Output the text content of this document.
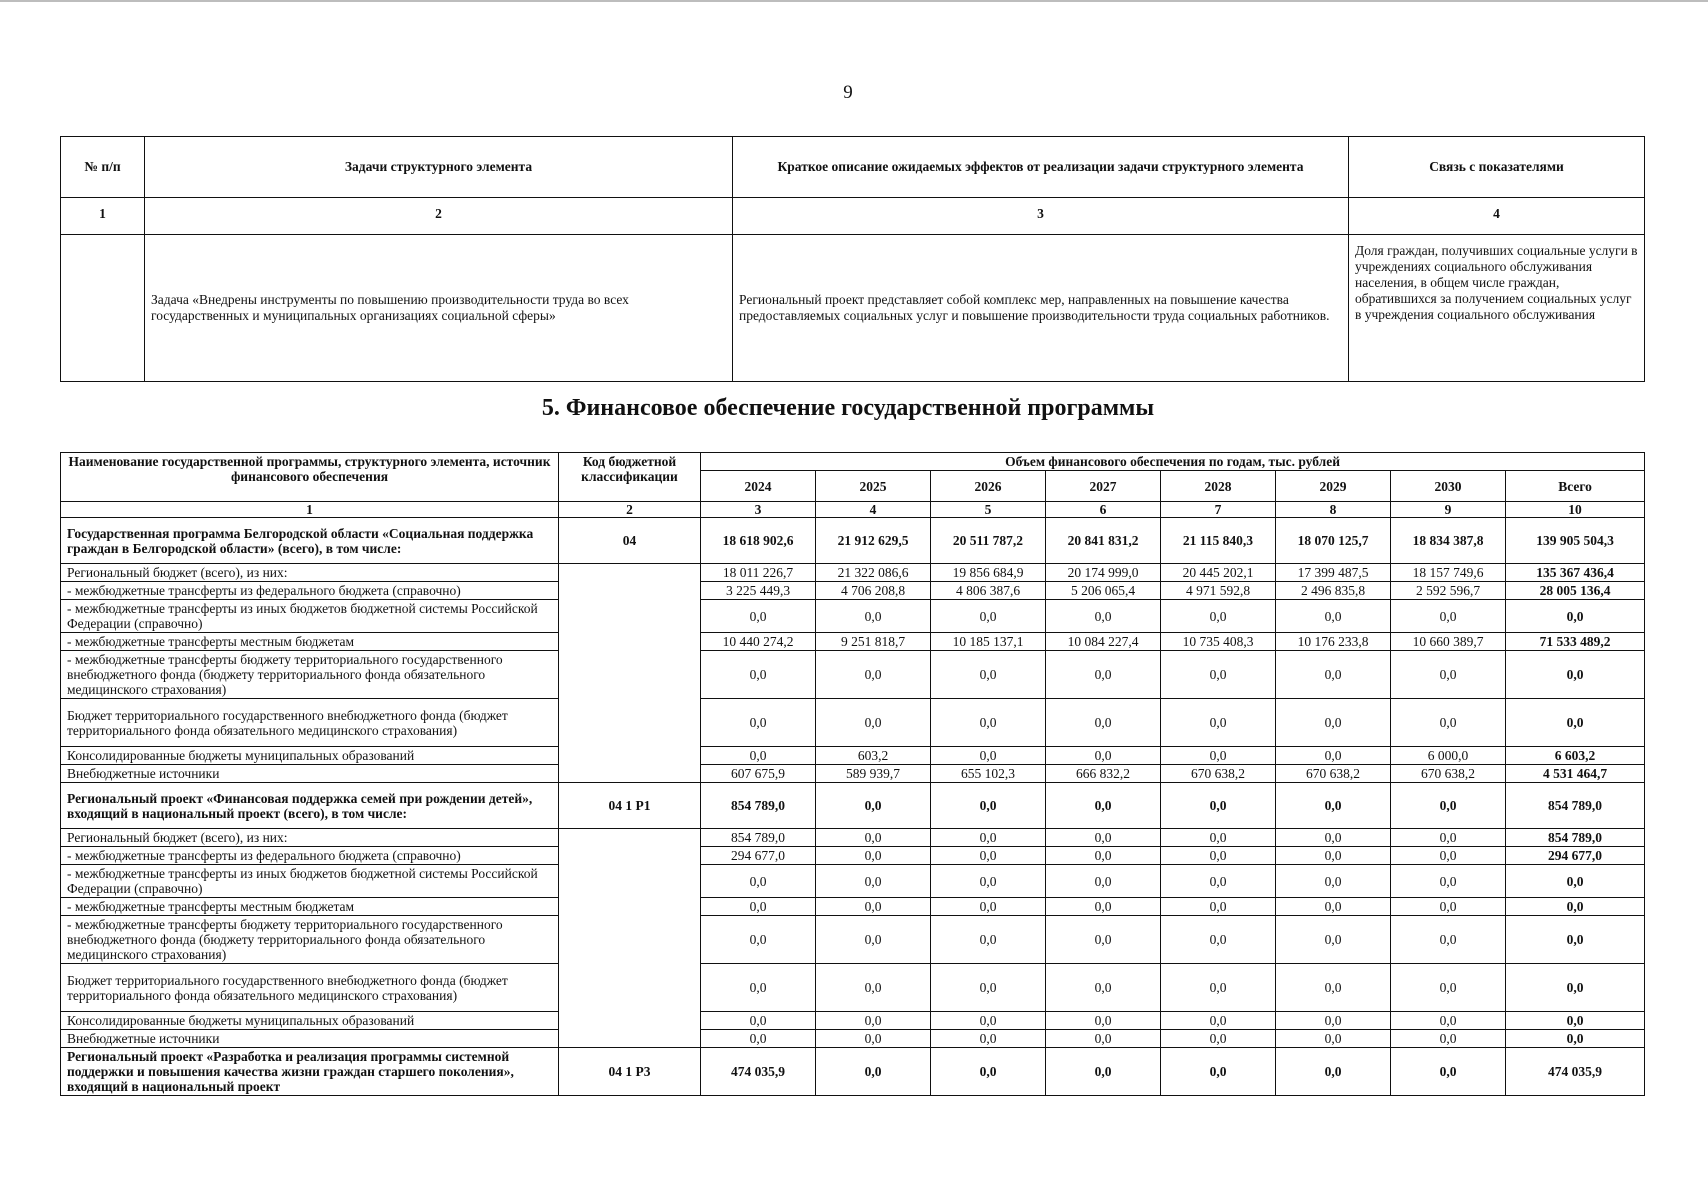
9
№ п/п	Задачи структурного элемента	Краткое описание ожидаемых эффектов от реализации задачи структурного элемента	Связь с показателями
1	2	3	4
	Задача «Внедрены инструменты по повышению производительности труда во всех государственных и муниципальных организациях социальной сферы»	Региональный проект представляет собой комплекс мер, направленных на повышение качества предоставляемых социальных услуг и повышение производительности труда социальных работников.	Доля граждан, получивших социальные услуги в учреждениях социального обслуживания населения, в общем числе граждан, обратившихся за получением социальных услуг в учреждения социального обслуживания
5. Финансовое обеспечение государственной программы
Наименование государственной программы, структурного элемента, источник финансового обеспечения	Код бюджетной классификации	Объем финансового обеспечения по годам, тыс. рублей							
		2024	2025	2026	2027	2028	2029	2030	Всего
1	2	3	4	5	6	7	8	9	10
Государственная программа Белгородской области «Социальная поддержка граждан в Белгородской области» (всего), в том числе:	04	18 618 902,6	21 912 629,5	20 511 787,2	20 841 831,2	21 115 840,3	18 070 125,7	18 834 387,8	139 905 504,3
Региональный бюджет (всего), из них:		18 011 226,7	21 322 086,6	19 856 684,9	20 174 999,0	20 445 202,1	17 399 487,5	18 157 749,6	135 367 436,4
- межбюджетные трансферты из федерального бюджета (справочно)		3 225 449,3	4 706 208,8	4 806 387,6	5 206 065,4	4 971 592,8	2 496 835,8	2 592 596,7	28 005 136,4
- межбюджетные трансферты из иных бюджетов бюджетной системы Российской Федерации (справочно)		0,0	0,0	0,0	0,0	0,0	0,0	0,0	0,0
- межбюджетные трансферты местным бюджетам		10 440 274,2	9 251 818,7	10 185 137,1	10 084 227,4	10 735 408,3	10 176 233,8	10 660 389,7	71 533 489,2
- межбюджетные трансферты бюджету территориального государственного внебюджетного фонда (бюджету территориального фонда обязательного медицинского страхования)		0,0	0,0	0,0	0,0	0,0	0,0	0,0	0,0
Бюджет территориального государственного внебюджетного фонда (бюджет территориального фонда обязательного медицинского страхования)		0,0	0,0	0,0	0,0	0,0	0,0	0,0	0,0
Консолидированные бюджеты муниципальных образований		0,0	603,2	0,0	0,0	0,0	0,0	6 000,0	6 603,2
Внебюджетные источники		607 675,9	589 939,7	655 102,3	666 832,2	670 638,2	670 638,2	670 638,2	4 531 464,7
Региональный проект «Финансовая поддержка семей при рождении детей», входящий в национальный проект (всего), в том числе:	04 1 Р1	854 789,0	0,0	0,0	0,0	0,0	0,0	0,0	854 789,0
Региональный бюджет (всего), из них:		854 789,0	0,0	0,0	0,0	0,0	0,0	0,0	854 789,0
- межбюджетные трансферты из федерального бюджета (справочно)		294 677,0	0,0	0,0	0,0	0,0	0,0	0,0	294 677,0
- межбюджетные трансферты из иных бюджетов бюджетной системы Российской Федерации (справочно)		0,0	0,0	0,0	0,0	0,0	0,0	0,0	0,0
- межбюджетные трансферты местным бюджетам		0,0	0,0	0,0	0,0	0,0	0,0	0,0	0,0
- межбюджетные трансферты бюджету территориального государственного внебюджетного фонда (бюджету территориального фонда обязательного медицинского страхования)		0,0	0,0	0,0	0,0	0,0	0,0	0,0	0,0
Бюджет территориального государственного внебюджетного фонда (бюджет территориального фонда обязательного медицинского страхования)		0,0	0,0	0,0	0,0	0,0	0,0	0,0	0,0
Консолидированные бюджеты муниципальных образований		0,0	0,0	0,0	0,0	0,0	0,0	0,0	0,0
Внебюджетные источники		0,0	0,0	0,0	0,0	0,0	0,0	0,0	0,0
Региональный проект «Разработка и реализация программы системной поддержки и повышения качества жизни граждан старшего поколения», входящий в национальный проект	04 1 Р3	474 035,9	0,0	0,0	0,0	0,0	0,0	0,0	474 035,9
